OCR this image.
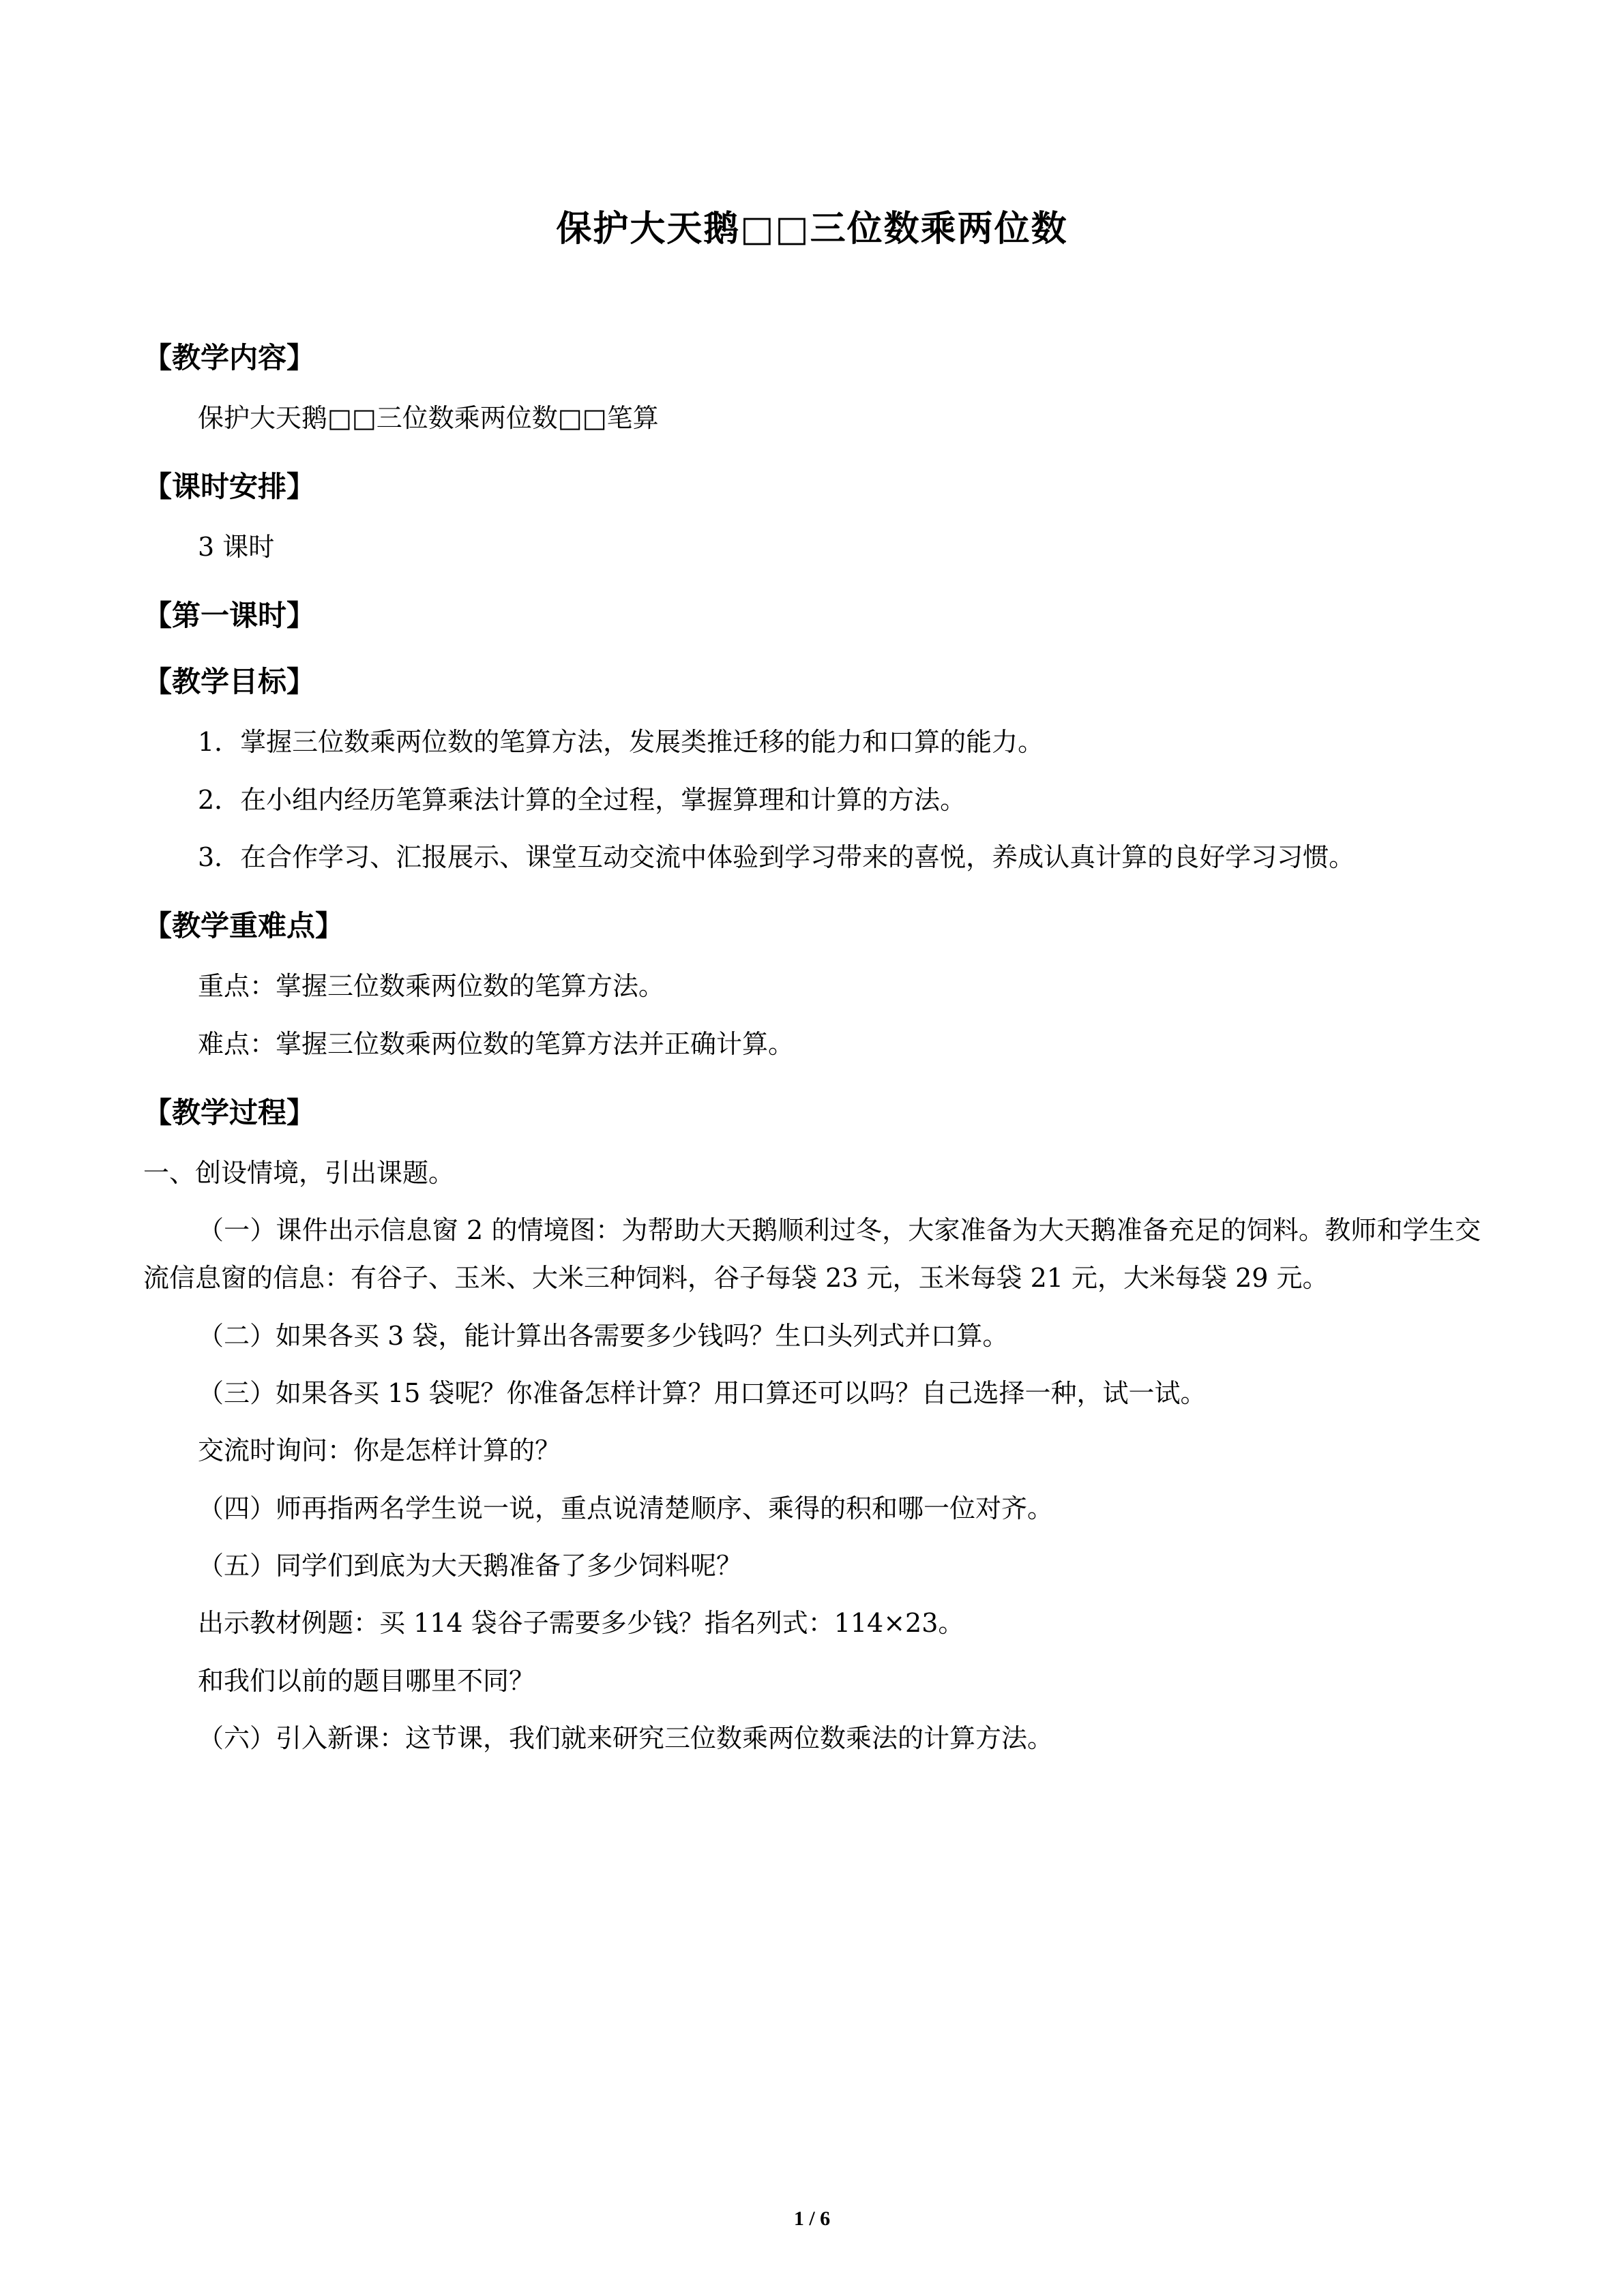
保护大天鹅□□三位数乘两位数
【教学内容】
保护大天鹅□□三位数乘两位数□□笔算
【课时安排】
3 课时
【第一课时】
【教学目标】
1．掌握三位数乘两位数的笔算方法，发展类推迁移的能力和口算的能力。
2．在小组内经历笔算乘法计算的全过程，掌握算理和计算的方法。
3．在合作学习、汇报展示、课堂互动交流中体验到学习带来的喜悦，养成认真计算的良好学习习惯。
【教学重难点】
重点：掌握三位数乘两位数的笔算方法。
难点：掌握三位数乘两位数的笔算方法并正确计算。
【教学过程】
一、创设情境，引出课题。
（一）课件出示信息窗 2 的情境图：为帮助大天鹅顺利过冬，大家准备为大天鹅准备充足的饲料。教师和学生交流信息窗的信息：有谷子、玉米、大米三种饲料，谷子每袋 23 元，玉米每袋 21 元，大米每袋 29 元。
（二）如果各买 3 袋，能计算出各需要多少钱吗？生口头列式并口算。
（三）如果各买 15 袋呢？你准备怎样计算？用口算还可以吗？自己选择一种，试一试。
交流时询问：你是怎样计算的？
（四）师再指两名学生说一说，重点说清楚顺序、乘得的积和哪一位对齐。
（五）同学们到底为大天鹅准备了多少饲料呢？
出示教材例题：买 114 袋谷子需要多少钱？指名列式：114×23。
和我们以前的题目哪里不同？
（六）引入新课：这节课，我们就来研究三位数乘两位数乘法的计算方法。
1 / 6
